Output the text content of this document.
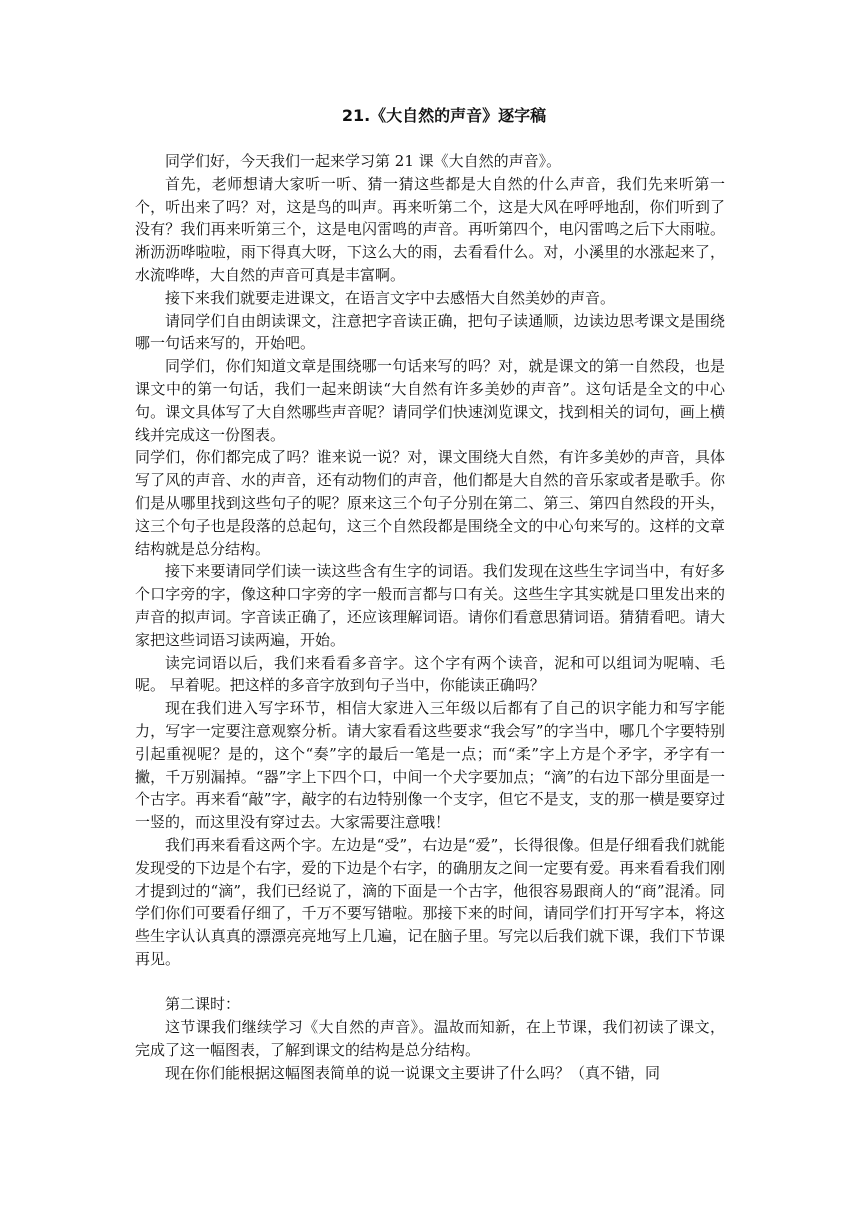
21.《大自然的声音》逐字稿

同学们好，今天我们一起来学习第 21 课《大自然的声音》。

首先，老师想请大家听一听、猜一猜这些都是大自然的什么声音，我们先来听第一个，听出来了吗？对，这是鸟的叫声。再来听第二个，这是大风在呼呼地刮，你们听到了没有？我们再来听第三个，这是电闪雷鸣的声音。再听第四个，电闪雷鸣之后下大雨啦。淅沥沥哗啦啦，雨下得真大呀，下这么大的雨，去看看什么。对，小溪里的水涨起来了，水流哗哗，大自然的声音可真是丰富啊。

接下来我们就要走进课文，在语言文字中去感悟大自然美妙的声音。

请同学们自由朗读课文，注意把字音读正确，把句子读通顺，边读边思考课文是围绕哪一句话来写的，开始吧。

同学们，你们知道文章是围绕哪一句话来写的吗？对，就是课文的第一自然段，也是课文中的第一句话，我们一起来朗读“大自然有许多美妙的声音”。这句话是全文的中心句。课文具体写了大自然哪些声音呢？请同学们快速浏览课文，找到相关的词句，画上横线并完成这一份图表。

同学们，你们都完成了吗？谁来说一说？对，课文围绕大自然，有许多美妙的声音，具体写了风的声音、水的声音，还有动物们的声音，他们都是大自然的音乐家或者是歌手。你们是从哪里找到这些句子的呢？原来这三个句子分别在第二、第三、第四自然段的开头，这三个句子也是段落的总起句，这三个自然段都是围绕全文的中心句来写的。这样的文章结构就是总分结构。

接下来要请同学们读一读这些含有生字的词语。我们发现在这些生字词当中，有好多个口字旁的字，像这种口字旁的字一般而言都与口有关。这些生字其实就是口里发出来的声音的拟声词。字音读正确了，还应该理解词语。请你们看意思猜词语。猜猜看吧。请大家把这些词语习读两遍，开始。

读完词语以后，我们来看看多音字。这个字有两个读音，泥和可以组词为呢喃、毛呢。 早着呢。把这样的多音字放到句子当中，你能读正确吗？

现在我们进入写字环节，相信大家进入三年级以后都有了自己的识字能力和写字能力，写字一定要注意观察分析。请大家看看这些要求“我会写”的字当中，哪几个字要特别引起重视呢？是的，这个“奏”字的最后一笔是一点；而“柔”字上方是个矛字，矛字有一撇，千万别漏掉。“器”字上下四个口，中间一个犬字要加点；“滴”的右边下部分里面是一个古字。再来看“敲”字，敲字的右边特别像一个支字，但它不是支，支的那一横是要穿过一竖的，而这里没有穿过去。大家需要注意哦！

我们再来看看这两个字。左边是“受”，右边是“爱”，长得很像。但是仔细看我们就能发现受的下边是个右字，爱的下边是个右字，的确朋友之间一定要有爱。再来看看我们刚才提到过的“滴”，我们已经说了，滴的下面是一个古字，他很容易跟商人的“商”混淆。同学们你们可要看仔细了，千万不要写错啦。那接下来的时间，请同学们打开写字本，将这些生字认认真真的漂漂亮亮地写上几遍，记在脑子里。写完以后我们就下课，我们下节课再见。

第二课时：

这节课我们继续学习《大自然的声音》。温故而知新，在上节课，我们初读了课文，完成了这一幅图表，了解到课文的结构是总分结构。

现在你们能根据这幅图表简单的说一说课文主要讲了什么吗？（真不错，同
